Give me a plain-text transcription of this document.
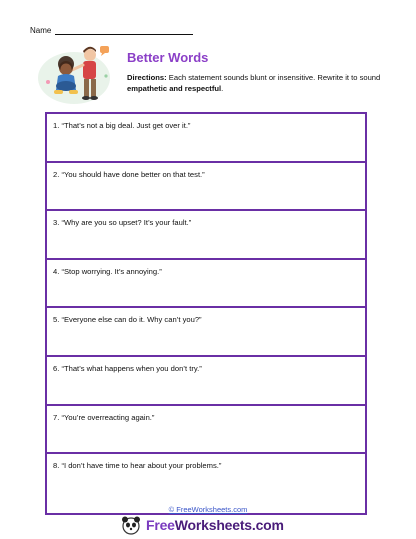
Name
Better Words
Directions: Each statement sounds blunt or insensitive. Rewrite it to sound empathetic and respectful.
1. “That’s not a big deal. Just get over it.”
2. “You should have done better on that test.”
3. “Why are you so upset? It’s your fault.”
4. “Stop worrying. It’s annoying.”
5. “Everyone else can do it. Why can’t you?”
6. “That’s what happens when you don’t try.”
7. “You’re overreacting again.”
8. “I don’t have time to hear about your problems.”
© FreeWorksheets.com
FreeWorksheets.com
